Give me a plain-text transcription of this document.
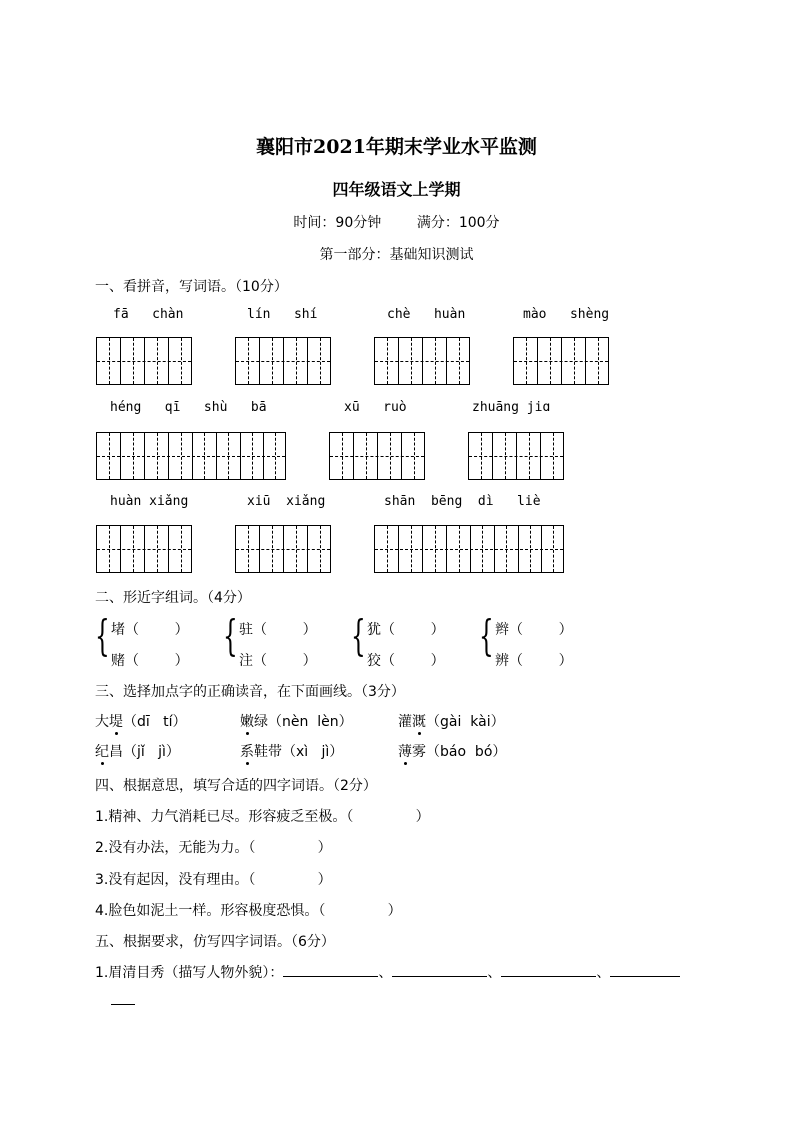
襄阳市2021年期末学业水平监测
四年级语文上学期
时间：90分钟        满分：100分
第一部分：基础知识测试
一、看拼音，写词语。（10分）
fā   chàn	lín   shí	chè   huàn	mào   shèng
héng   qī   shù   bā	xū   ruò	zhuāng jiɑ
huàn xiǎng	xiū  xiǎng	shān  bēng  dì   liè
二、形近字组词。（4分）
{ 堵（        ）
赌（        ）
{ 驻（        ）
注（        ）
{ 犹（        ）
狡（        ）
{ 辫（        ）
辨（        ）
三、选择加点字的正确读音，在下面画线。（3分）
大堤（dī   tí）	嫩绿（nèn  lèn）	灌溉（gài  kài）
纪昌（jǐ   jì）	系鞋带（xì   jì）	薄雾（báo  bó）
四、根据意思，填写合适的四字词语。（2分）
1.精神、力气消耗已尽。形容疲乏至极。（              ）
2.没有办法，无能为力。（              ）
3.没有起因，没有理由。（              ）
4.脸色如泥土一样。形容极度恐惧。（              ）
五、根据要求，仿写四字词语。（6分）
1.眉清目秀（描写人物外貌）：	、	、	、
